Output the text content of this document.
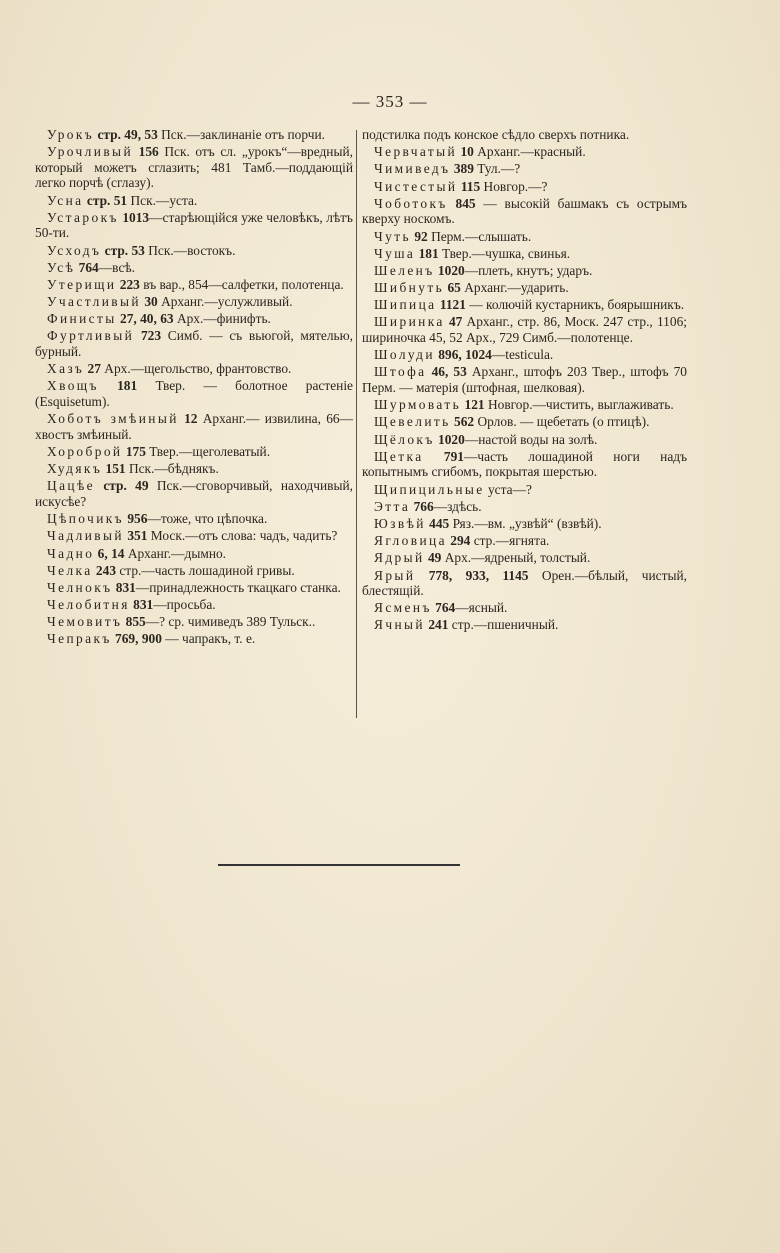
— 353 —

Урокъ стр. 49, 53 Пск.—заклинаніе отъ порчи.

Урочливый 156 Пск. отъ сл. „урокъ“—вредный, который можетъ сглазить; 481 Тамб.—поддающій легко порчѣ (сглазу).

Усна стр. 51 Пск.—уста.

Устарокъ 1013—старѣющійся уже человѣкъ, лѣтъ 50-ти.

Усходъ стр. 53 Пск.—востокъ.

Усѣ 764—вcѣ.

Утерищи 223 въ вар., 854—салфетки, полотенца.

Участливый 30 Арханг.—услужливый.

Финисты 27, 40, 63 Арх.—финифть.

Фуртливый 723 Симб. — съ вьюгой, мятелью, бурный.

Хазъ 27 Арх.—щегольство, франтовство.

Хвощъ 181 Твер. — болотное растеніе (Esquisetum).

Хоботъ змѣиный 12 Арханг.— извилина, 66—хвостъ змѣиный.

Хороброй 175 Твер.—щеголеватый.

Худякъ 151 Пск.—бѣднякъ.

Цацѣе стр. 49 Пск.—сговорчивый, находчивый, искусѣе?

Цѣпочикъ 956—тоже, что цѣпочка.

Чадливый 351 Моск.—отъ слова: чадъ, чадить?

Чадно 6, 14 Арханг.—дымно.

Челка 243 стр.—часть лошадиной гривы.

Челнокъ 831—принадлежность ткацкаго станка.

Челобитня 831—просьба.

Чемовитъ 855—? ср. чимиведъ 389 Тульск..

Чепракъ 769, 900 — чапракъ, т. е.

подстилка подъ конское сѣдло сверхъ потника.

Червчатый 10 Арханг.—красный.

Чимиведъ 389 Тул.—?

Чистестый 115 Новгор.—?

Чоботокъ 845 — высокій башмакъ съ острымъ кверху носкомъ.

Чуть 92 Перм.—слышать.

Чуша 181 Твер.—чушка, свинья.

Шеленъ 1020—плеть, кнутъ; ударъ.

Шибнуть 65 Арханг.—ударить.

Шипица 1121 — колючій кустарникъ, боярышникъ.

Ширинка 47 Арханг., стр. 86, Моск. 247 стр., 1106; шириночка 45, 52 Арх., 729 Симб.—полотенце.

Шолуди 896, 1024—testicula.

Штофа 46, 53 Арханг., штофъ 203 Твер., штофъ 70 Перм. — матерія (штофная, шелковая).

Шурмовать 121 Новгор.—чистить, выглаживать.

Щевелить 562 Орлов. — щебетать (о птицѣ).

Щёлокъ 1020—настой воды на золѣ.

Щетка 791—часть лошадиной ноги надъ копытнымъ сгибомъ, покрытая шерстью.

Щипицильные уста—?

Этта 766—здѣсь.

Юзвѣй 445 Ряз.—вм. „узвѣй“ (взвѣй).

Ягловица 294 стр.—ягнята.

Ядрый 49 Арх.—ядреный, толстый.

Ярый 778, 933, 1145 Орен.—бѣлый, чистый, блестящій.

Ясменъ 764—ясный.

Ячный 241 стр.—пшеничный.
